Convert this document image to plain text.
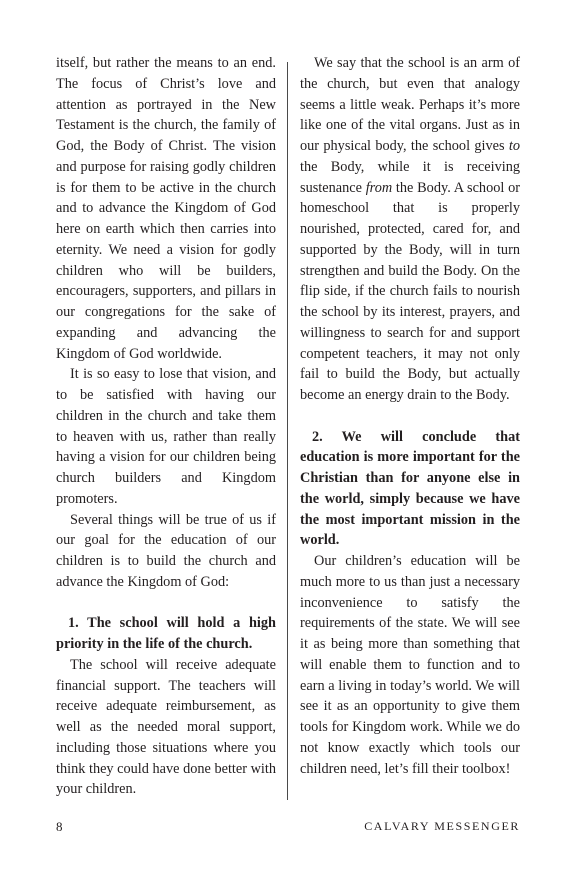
itself, but rather the means to an end. The focus of Christ’s love and attention as portrayed in the New Testament is the church, the family of God, the Body of Christ. The vision and purpose for raising godly children is for them to be active in the church and to advance the Kingdom of God here on earth which then carries into eternity. We need a vision for godly children who will be builders, encouragers, supporters, and pillars in our congregations for the sake of expanding and advancing the Kingdom of God worldwide.

It is so easy to lose that vision, and to be satisfied with having our children in the church and take them to heaven with us, rather than really having a vision for our children being church builders and Kingdom promoters.

Several things will be true of us if our goal for the education of our children is to build the church and advance the Kingdom of God:

1. The school will hold a high priority in the life of the church.

The school will receive adequate financial support. The teachers will receive adequate reimbursement, as well as the needed moral support, including those situations where you think they could have done better with your children.

We say that the school is an arm of the church, but even that analogy seems a little weak. Perhaps it’s more like one of the vital organs. Just as in our physical body, the school gives to the Body, while it is receiving sustenance from the Body. A school or homeschool that is properly nourished, protected, cared for, and supported by the Body, will in turn strengthen and build the Body. On the flip side, if the church fails to nourish the school by its interest, prayers, and willingness to search for and support competent teachers, it may not only fail to build the Body, but actually become an energy drain to the Body.

2. We will conclude that education is more important for the Christian than for anyone else in the world, simply because we have the most important mission in the world.

Our children’s education will be much more to us than just a necessary inconvenience to satisfy the requirements of the state. We will see it as being more than something that will enable them to function and to earn a living in today’s world. We will see it as an opportunity to give them tools for Kingdom work. While we do not know exactly which tools our children need, let’s fill their toolbox!

8	CALVARY MESSENGER
